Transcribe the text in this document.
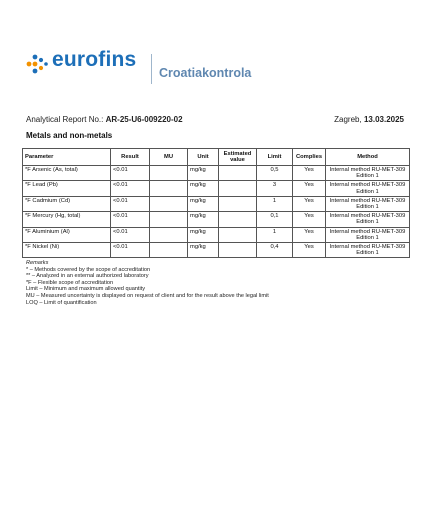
eurofins
Croatiakontrola
Analytical Report No.: AR-25-U6-009220-02	Zagreb, 13.03.2025
Metals and non-metals
Parameter	Result	MU	Unit	Estimated value	Limit	Complies	Method
*F Arsenic (As, total)	<0.01		mg/kg		0,5	Yes	Internal method RU-MET-309 Edition 1
*F Lead (Pb)	<0.01		mg/kg		3	Yes	Internal method RU-MET-309 Edition 1
*F Cadmium (Cd)	<0.01		mg/kg		1	Yes	Internal method RU-MET-309 Edition 1
*F Mercury (Hg, total)	<0.01		mg/kg		0,1	Yes	Internal method RU-MET-309 Edition 1
*F Aluminium (Al)	<0.01		mg/kg		1	Yes	Internal method RU-MET-309 Edition 1
*F Nickel (Ni)	<0.01		mg/kg		0,4	Yes	Internal method RU-MET-309 Edition 1
Remarks
* – Methods covered by the scope of accreditation
** – Analyzed in an external authorized laboratory
*F – Flexible scope of accreditation
Limit – Minimum and maximum allowed quantity
MU – Measured uncertainty is displayed on request of client and for the result above the legal limit
LOQ – Limit of quantification
